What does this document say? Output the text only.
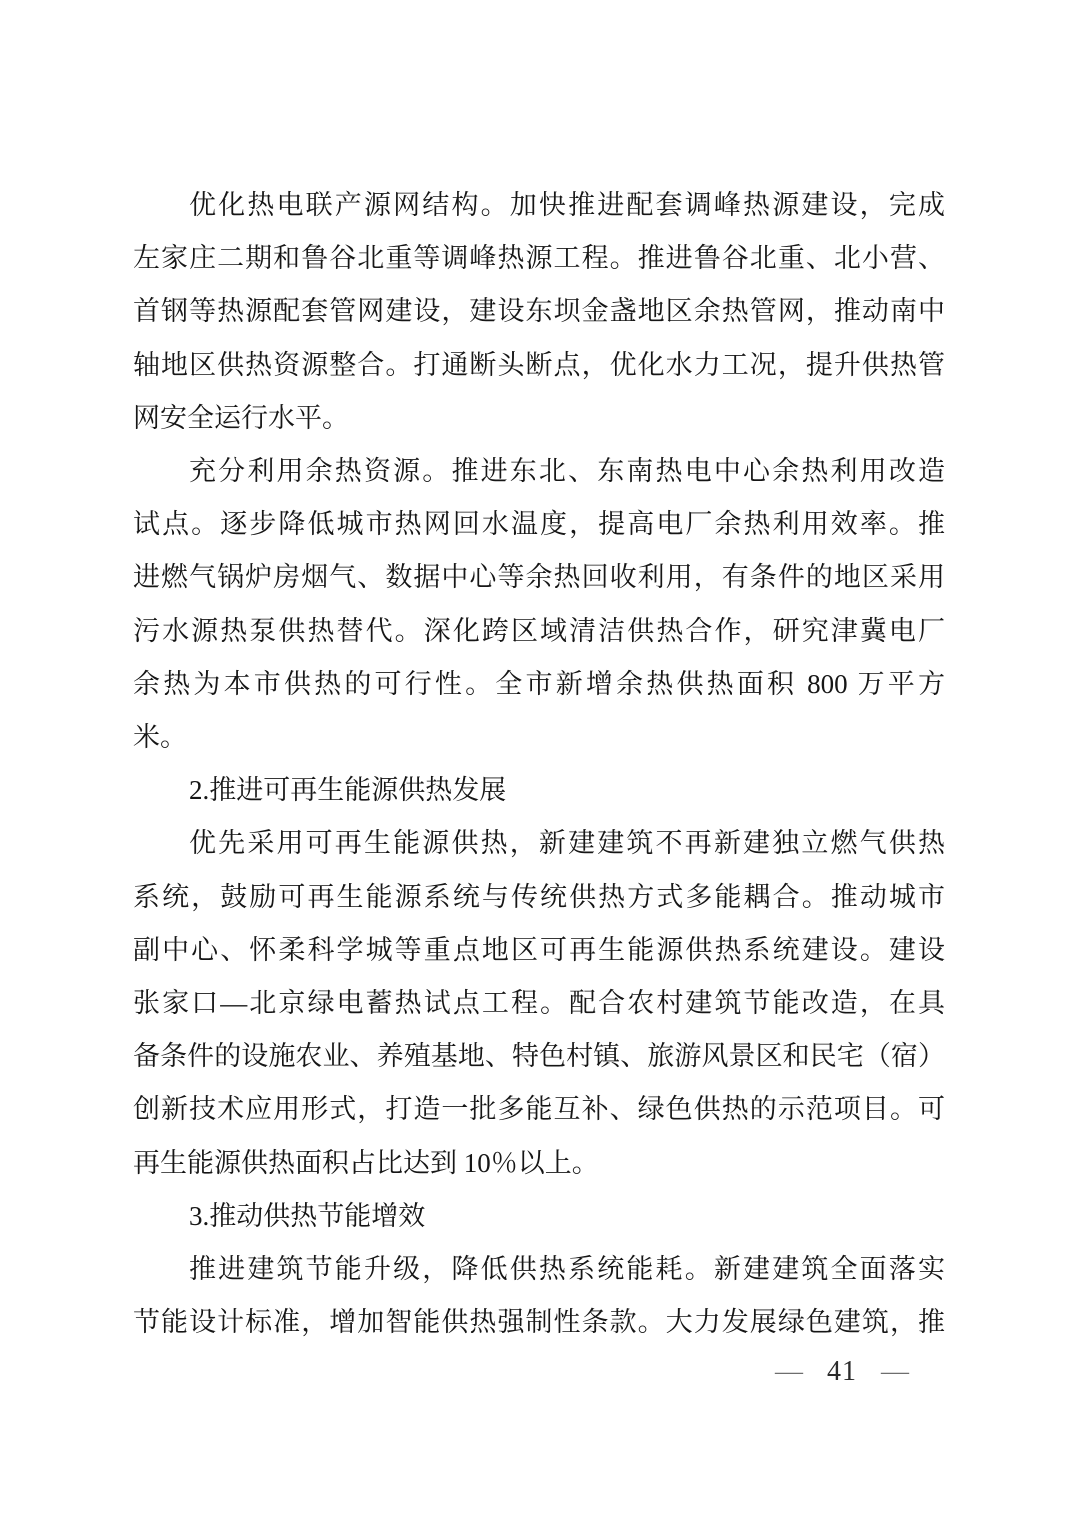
优化热电联产源网结构。加快推进配套调峰热源建设，完成
左家庄二期和鲁谷北重等调峰热源工程。推进鲁谷北重、北小营、
首钢等热源配套管网建设，建设东坝金盏地区余热管网，推动南中
轴地区供热资源整合。打通断头断点，优化水力工况，提升供热管
网安全运行水平。
充分利用余热资源。推进东北、东南热电中心余热利用改造
试点。逐步降低城市热网回水温度，提高电厂余热利用效率。推
进燃气锅炉房烟气、数据中心等余热回收利用，有条件的地区采用
污水源热泵供热替代。深化跨区域清洁供热合作，研究津冀电厂
余热为本市供热的可行性。全市新增余热供热面积 800 万平方
米。
2.推进可再生能源供热发展
优先采用可再生能源供热，新建建筑不再新建独立燃气供热
系统，鼓励可再生能源系统与传统供热方式多能耦合。推动城市
副中心、怀柔科学城等重点地区可再生能源供热系统建设。建设
张家口—北京绿电蓄热试点工程。配合农村建筑节能改造，在具
备条件的设施农业、养殖基地、特色村镇、旅游风景区和民宅（宿）
创新技术应用形式，打造一批多能互补、绿色供热的示范项目。可
再生能源供热面积占比达到 10％以上。
3.推动供热节能增效
推进建筑节能升级，降低供热系统能耗。新建建筑全面落实
节能设计标准，增加智能供热强制性条款。大力发展绿色建筑，推
— 41 —
